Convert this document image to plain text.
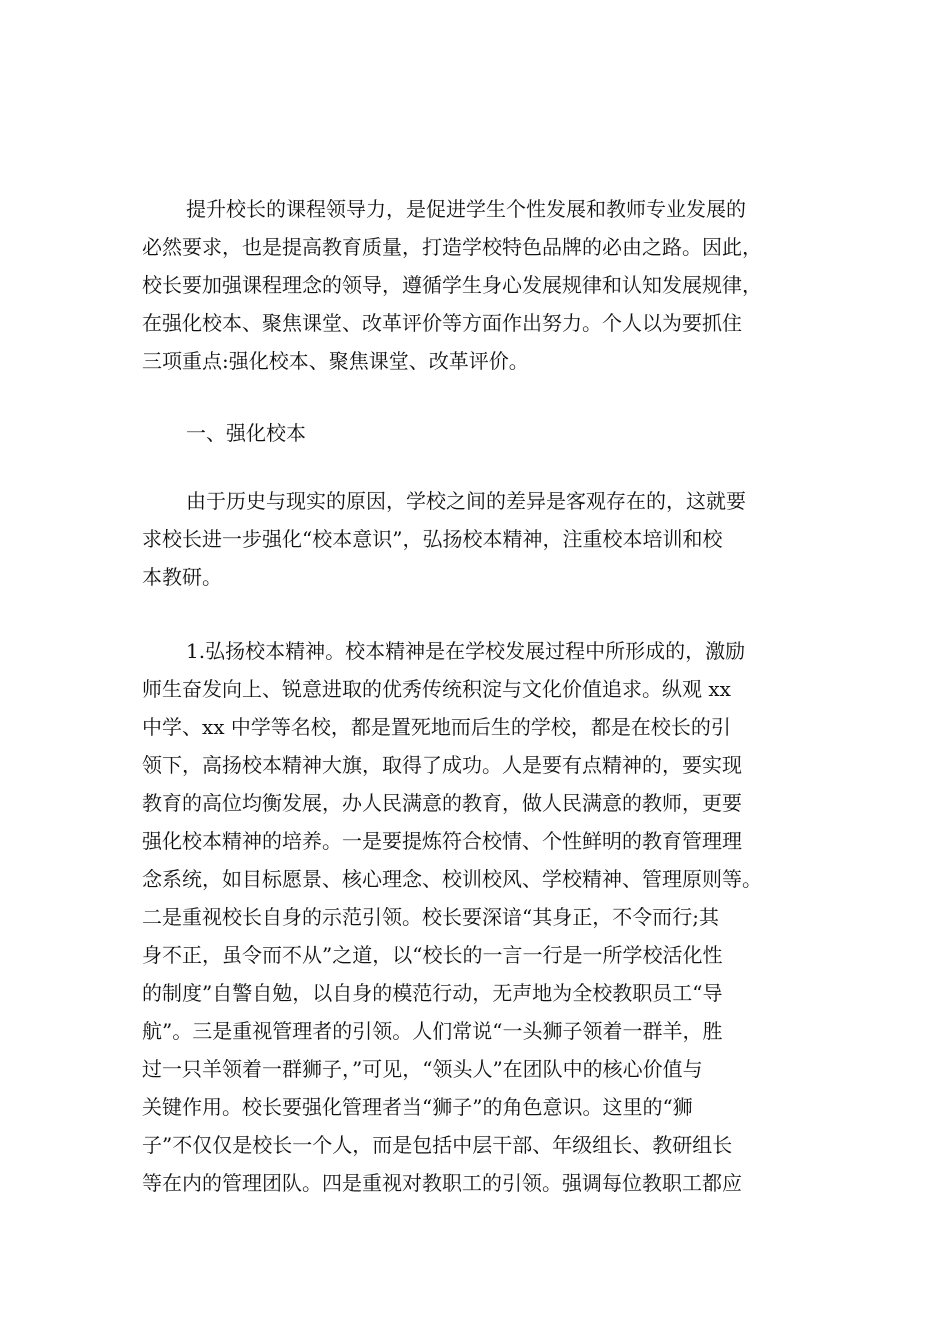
提升校长的课程领导力，是促进学生个性发展和教师专业发展的
必然要求，也是提高教育质量，打造学校特色品牌的必由之路。因此，
校长要加强课程理念的领导，遵循学生身心发展规律和认知发展规律，
在强化校本、聚焦课堂、改革评价等方面作出努力。个人以为要抓住
三项重点:强化校本、聚焦课堂、改革评价。
一、强化校本
由于历史与现实的原因，学校之间的差异是客观存在的，这就要
求校长进一步强化“校本意识”，弘扬校本精神，注重校本培训和校
本教研。
1.弘扬校本精神。校本精神是在学校发展过程中所形成的，激励
师生奋发向上、锐意进取的优秀传统积淀与文化价值追求。纵观 xx
中学、xx 中学等名校，都是置死地而后生的学校，都是在校长的引
领下，高扬校本精神大旗，取得了成功。人是要有点精神的，要实现
教育的高位均衡发展，办人民满意的教育，做人民满意的教师，更要
强化校本精神的培养。一是要提炼符合校情、个性鲜明的教育管理理
念系统，如目标愿景、核心理念、校训校风、学校精神、管理原则等。
二是重视校长自身的示范引领。校长要深谙“其身正，不令而行;其
身不正，虽令而不从”之道，以“校长的一言一行是一所学校活化性
的制度”自警自勉，以自身的模范行动，无声地为全校教职员工“导
航”。三是重视管理者的引领。人们常说“一头狮子领着一群羊，胜
过一只羊领着一群狮子，”可见，“领头人”在团队中的核心价值与
关键作用。校长要强化管理者当“狮子”的角色意识。这里的“狮
子”不仅仅是校长一个人，而是包括中层干部、年级组长、教研组长
等在内的管理团队。四是重视对教职工的引领。强调每位教职工都应
